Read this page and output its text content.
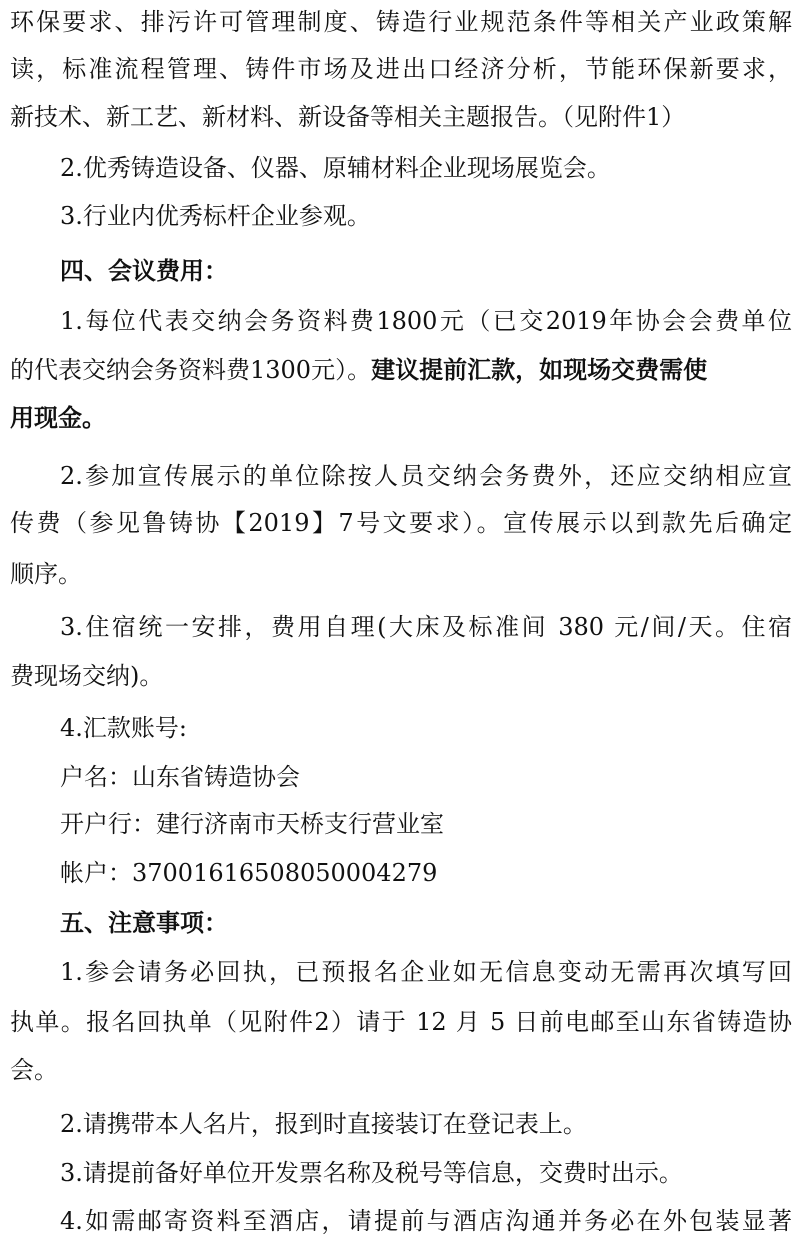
环保要求、排污许可管理制度、铸造行业规范条件等相关产业政策解
读，标准流程管理、铸件市场及进出口经济分析，节能环保新要求，
新技术、新工艺、新材料、新设备等相关主题报告。（见附件1）
2.优秀铸造设备、仪器、原辅材料企业现场展览会。
3.行业内优秀标杆企业参观。
四、会议费用：
1.每位代表交纳会务资料费1800元（已交2019年协会会费单位
的代表交纳会务资料费1300元）。建议提前汇款，如现场交费需使
用现金。
2.参加宣传展示的单位除按人员交纳会务费外，还应交纳相应宣
传费（参见鲁铸协【2019】7号文要求）。宣传展示以到款先后确定
顺序。
3.住宿统一安排，费用自理(大床及标准间 380 元/间/天。住宿
费现场交纳)。
4.汇款账号:
户名：山东省铸造协会
开户行：建行济南市天桥支行营业室
帐户：37001616508050004279
五、注意事项：
1.参会请务必回执，已预报名企业如无信息变动无需再次填写回
执单。报名回执单（见附件2）请于 12 月 5 日前电邮至山东省铸造协
会。
2.请携带本人名片，报到时直接装订在登记表上。
3.请提前备好单位开发票名称及税号等信息，交费时出示。
4.如需邮寄资料至酒店，请提前与酒店沟通并务必在外包装显著
